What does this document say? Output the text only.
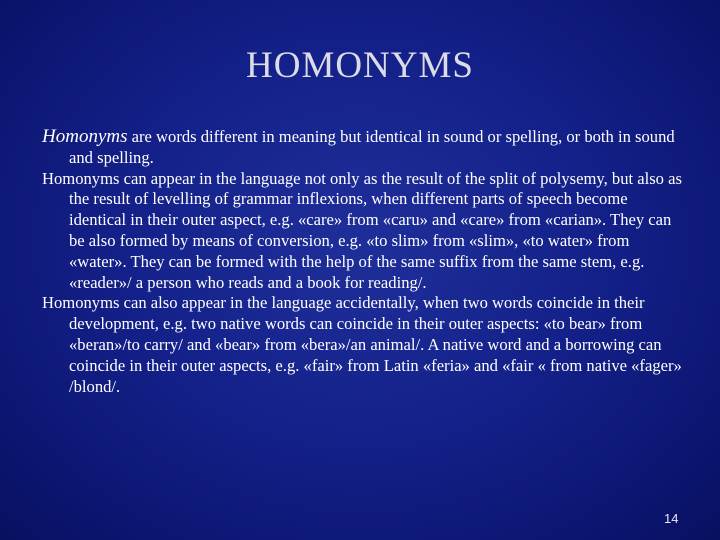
HOMONYMS

Homonyms are words different in meaning but identical in sound or spelling, or both in sound and spelling.

Homonyms can appear in the language not only as the result of the split of polysemy, but also as the result of levelling of grammar inflexions, when different parts of speech become identical in their outer aspect, e.g. «care» from «caru» and «care» from «carian». They can be also formed by means of conversion, e.g. «to slim» from «slim», «to water» from «water». They can be formed with the help of the same suffix from the same stem, e.g. «reader»/ a person who reads and a book for reading/.

Homonyms can also appear in the language accidentally, when two words coincide in their development, e.g. two native words can coincide in their outer aspects: «to bear» from «beran»/to carry/ and «bear» from «bera»/an animal/. A native word and a borrowing can coincide in their outer aspects, e.g. «fair» from Latin «feria» and «fair « from native «fager» /blond/.

14
